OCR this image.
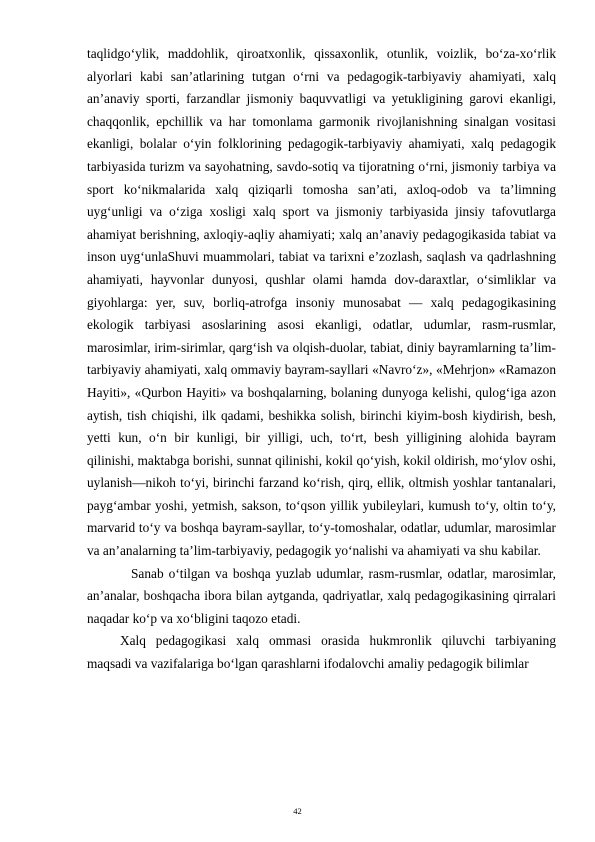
taqlidgo‘ylik, maddohlik, qiroatxonlik, qissaxonlik, otunlik, voizlik, bo‘za-xo‘rlik alyorlari kabi san’atlarining tutgan o‘rni va pedagogik-tarbiyaviy ahamiyati, xalq an’anaviy sporti, farzandlar jismoniy baquvvatligi va yetukligining garovi ekanligi, chaqqonlik, epchillik va har tomonlama garmonik rivojlanishning sinalgan vositasi ekanligi, bolalar o‘yin folklorining pedagogik-tarbiyaviy ahamiyati, xalq pedagogik tarbiyasida turizm va sayohatning, savdo-sotiq va tijoratning o‘rni, jismoniy tarbiya va sport ko‘nikmalarida xalq qiziqarli tomosha san’ati, axloq-odob va ta’limning uyg‘unligi va o‘ziga xosligi xalq sport va jismoniy tarbiyasida jinsiy tafovutlarga ahamiyat berishning, axloqiy-aqliy ahamiyati; xalq an’anaviy pedagogikasida tabiat va inson uyg‘unlaShuvi muammolari, tabiat va tarixni e’zozlash, saqlash va qadrlashning ahamiyati, hayvonlar dunyosi, qushlar olami hamda dov-daraxtlar, o‘simliklar va giyohlarga: yer, suv, borliq-atrofga insoniy munosabat — xalq pedagogikasining ekologik tarbiyasi asoslarining asosi ekanligi, odatlar, udumlar, rasm-rusmlar, marosimlar, irim-sirimlar, qarg‘ish va olqish-duolar, tabiat, diniy bayramlarning ta’lim-tarbiyaviy ahamiyati, xalq ommaviy bayram-sayllari «Navro‘z», «Mehrjon» «Ramazon Hayiti», «Qurbon Hayiti» va boshqalarning, bolaning dunyoga kelishi, qulog‘iga azon aytish, tish chiqishi, ilk qadami, beshikka solish, birinchi kiyim-bosh kiydirish, besh, yetti kun, o‘n bir kunligi, bir yilligi, uch, to‘rt, besh yilligining alohida bayram qilinishi, maktabga borishi, sunnat qilinishi, kokil qo‘yish, kokil oldirish, mo‘ylov oshi, uylanish—nikoh to‘yi, birinchi farzand ko‘rish, qirq, ellik, oltmish yoshlar tantanalari, payg‘ambar yoshi, yetmish, sakson, to‘qson yillik yubileylari, kumush to‘y, oltin to‘y, marvarid to‘y va boshqa bayram-sayllar, to‘y-tomoshalar, odatlar, udumlar, marosimlar va an’analarning ta’lim-tarbiyaviy, pedagogik yo‘nalishi va ahamiyati va shu kabilar.

Sanab o‘tilgan va boshqa yuzlab udumlar, rasm-rusmlar, odatlar, marosimlar, an’analar, boshqacha ibora bilan aytganda, qadriyatlar, xalq pedagogikasining qirralari naqadar ko‘p va xo‘bligini taqozo etadi.

Xalq pedagogikasi xalq ommasi orasida hukmronlik qiluvchi tarbiyaning maqsadi va vazifalariga bo‘lgan qarashlarni ifodalovchi amaliy pedagogik bilimlar

42
